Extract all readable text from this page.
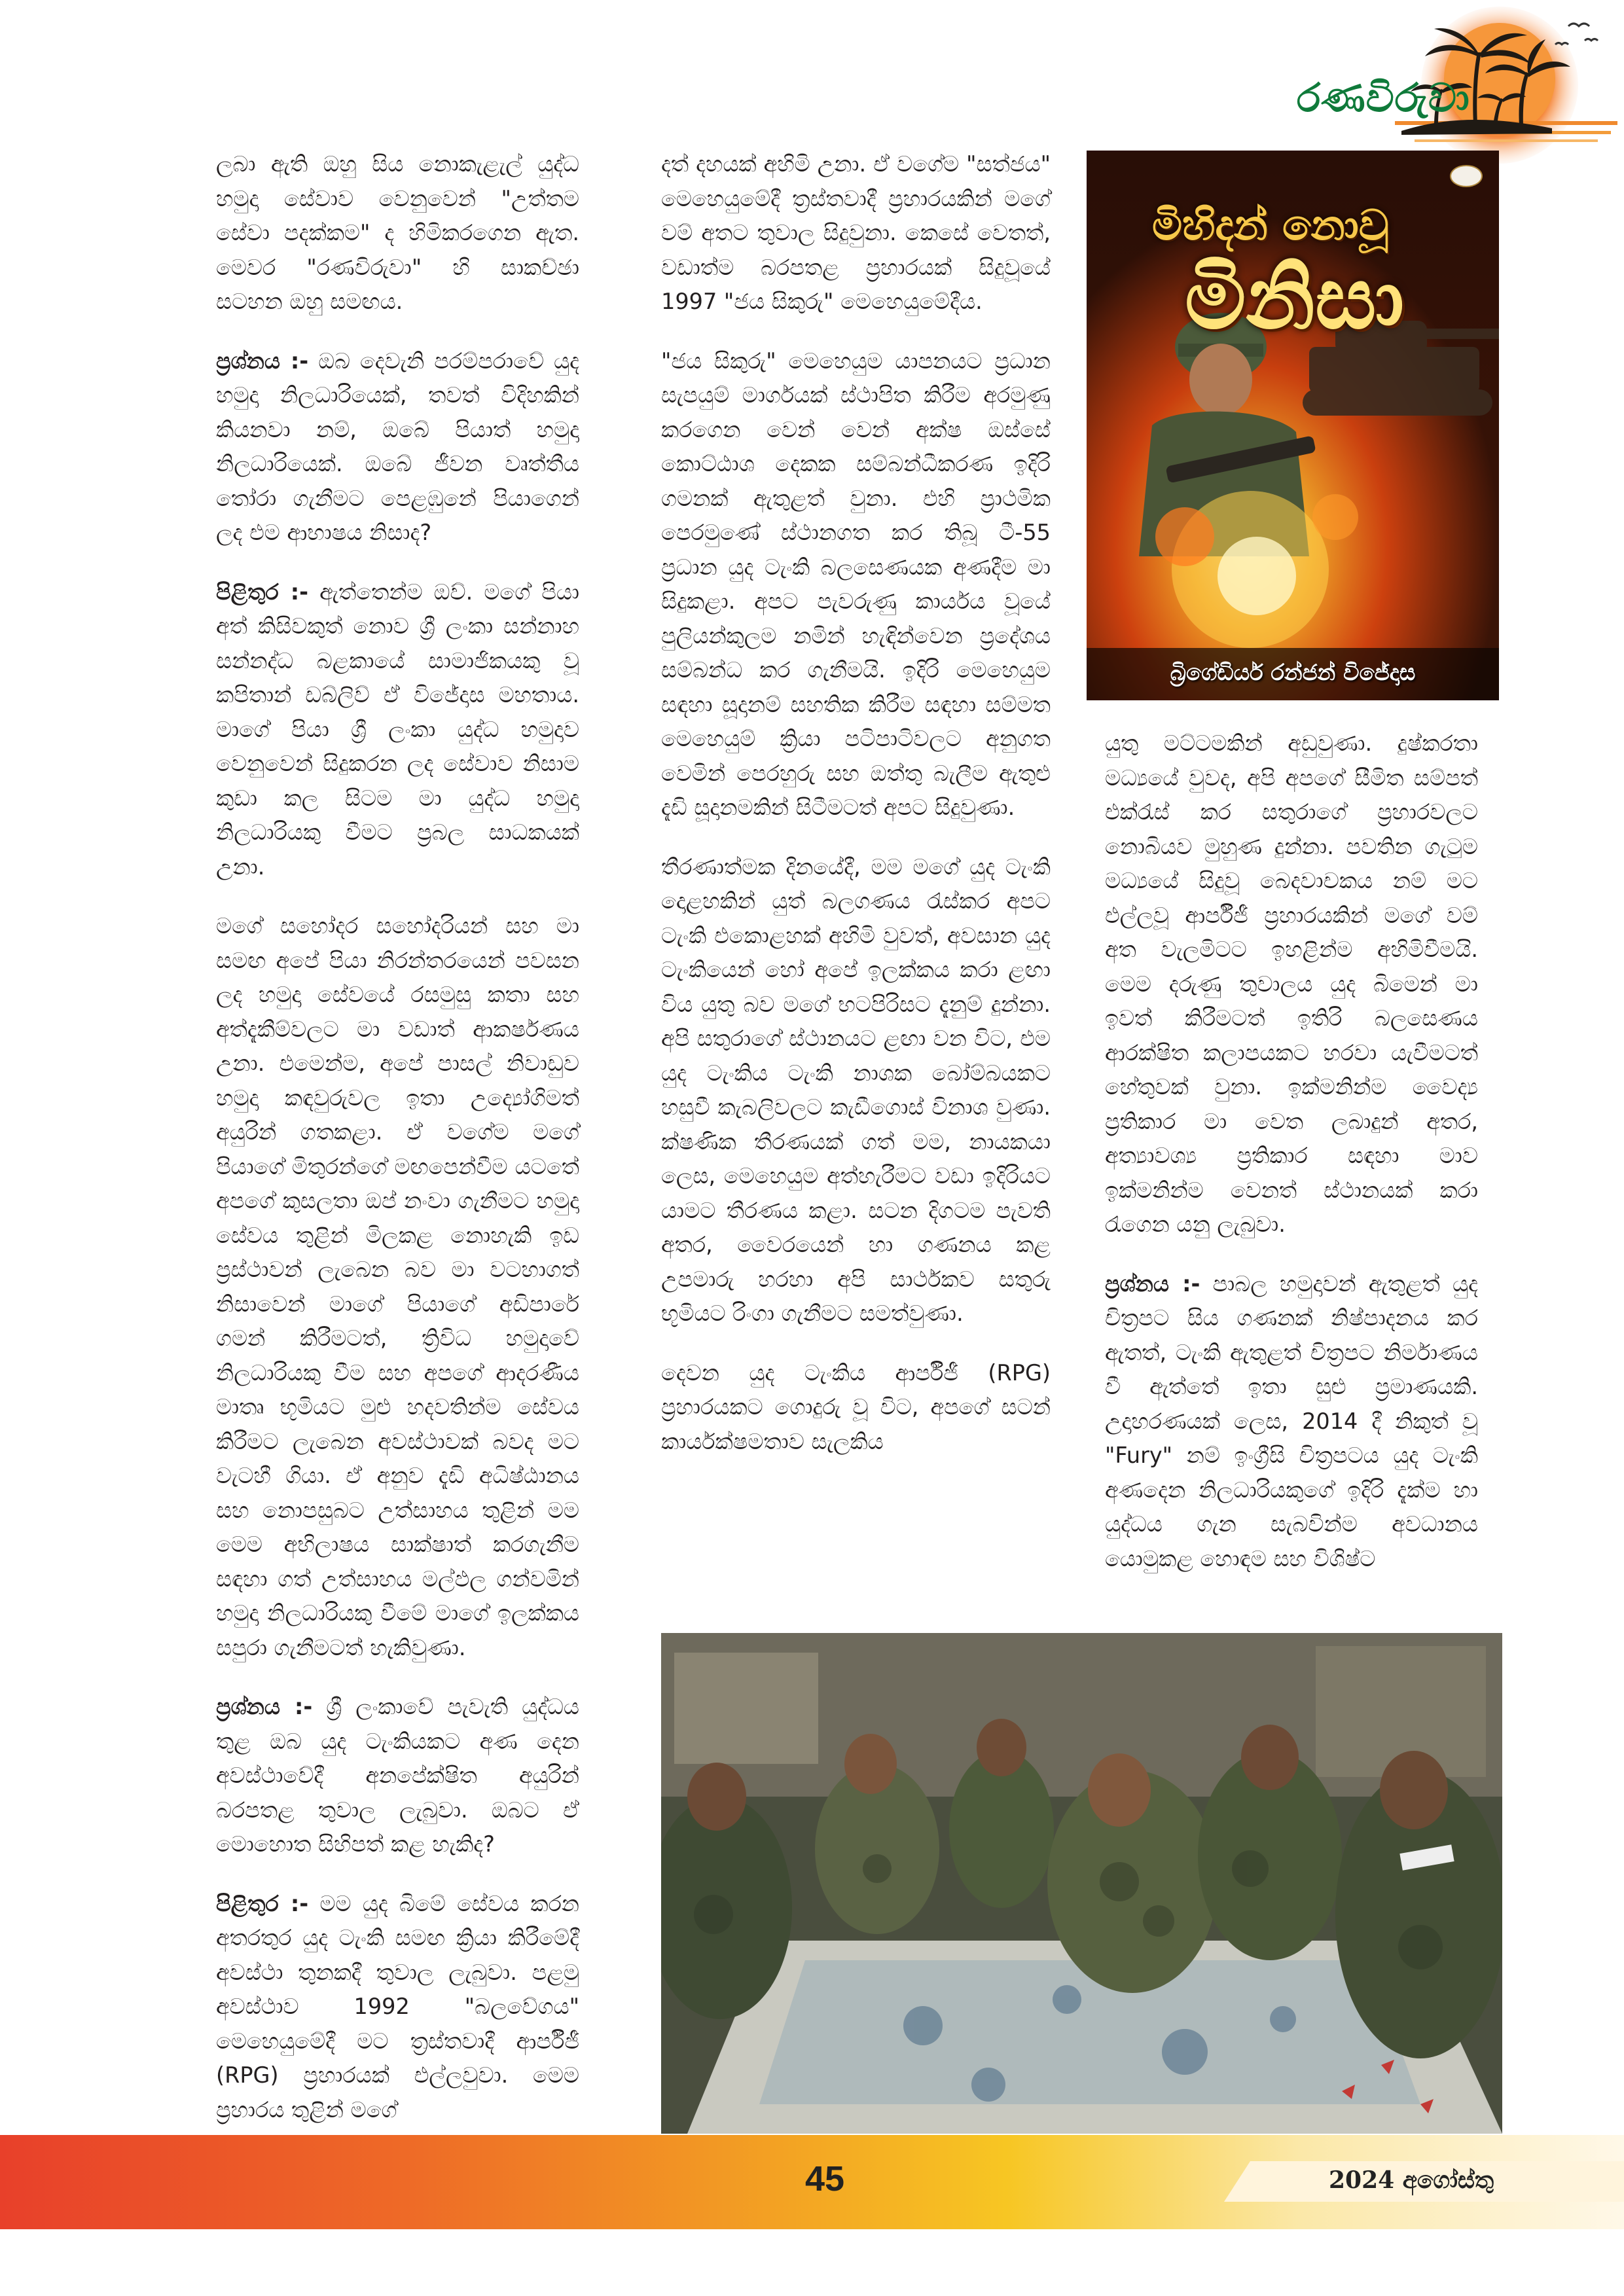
රණවිරුවා

ලබා ඇති ඔහු සිය නොකැළැල් යුද්ධ හමුදා සේවාව වෙනුවෙන් "උත්තම සේවා පදක්කම" ද හිමිකරගෙන ඇත. මෙවර "රණවිරුවා" හි සාකච්ඡා සටහන ඔහු සමඟය.

ප්‍රශ්නය :- ඔබ දෙවැනි පරම්පරාවේ යුද හමුදා නිලධාරියෙක්, තවත් විදිහකින් කියනවා නම්, ඔබේ පියාත් හමුදා නිලධාරියෙක්. ඔබේ ජීවන වෘත්තීය තෝරා ගැනීමට පෙළඹුනේ පියාගෙන් ලද එම ආභාෂය නිසාද?

පිළිතුර :- ඇත්තෙන්ම ඔව්. මගේ පියා අත් කිසිවකුත් නොව ශ්‍රී ලංකා සන්නාහ සන්නද්ධ බළකායේ සාමාජිකයකු වූ කපිතාන් ඩබ්ලිව් ඒ විජේදාස මහතාය. මාගේ පියා ශ්‍රී ලංකා යුද්ධ හමුදාව වෙනුවෙන් සිදුකරන ලද සේවාව නිසාම කුඩා කල සිටම මා යුද්ධ හමුදා නිලධාරියකු වීමට ප්‍රබල සාධකයක් උනා.

මගේ සහෝදර සහෝදරියන් සහ මා සමඟ අපේ පියා නිරන්තරයෙන් පවසන ලද හමුදා සේවයේ රසමුසු කතා සහ අත්දැකීම්වලට මා වඩාත් ආකර්ෂණය උනා. එමෙන්ම, අපේ පාසල් නිවාඩුව හමුදා කඳවුරුවල ඉතා උද්‍යෝගිමත් අයුරින් ගතකළා. ඒ වගේම මගේ පියාගේ මිතුරන්ගේ මඟපෙන්වීම යටතේ අපගේ කුසලතා ඔප් නංවා ගැනීමට හමුදා සේවය තුළින් මිලකළ නොහැකි ඉඩ ප්‍රස්ථාවන් ලැබෙන බව මා වටහාගත් නිසාවෙන් මාගේ පියාගේ අඩිපාරේ ගමන් කිරීමටත්, ත්‍රිවිධ හමුදාවේ නිලධාරියකු වීම සහ අපගේ ආදරණීය මාතෘ භූමියට මුළු හදවතින්ම සේවය කිරීමට ලැබෙන අවස්ථාවක් බවද මට වැටහී ගියා. ඒ අනුව දැඩි අධිෂ්ඨානය සහ නොපසුබට උත්සාහය තුළින් මම මෙම අභිලාෂය සාක්ෂාත් කරගැනීම සඳහා ගත් උත්සාහය මල්ඵල ගන්වමින් හමුදා නිලධාරියකු වීමේ මාගේ ඉලක්කය සපුරා ගැනීමටත් හැකිවුණා.

ප්‍රශ්නය :- ශ්‍රී ලංකාවේ පැවැති යුද්ධය තුළ ඔබ යුද ටැංකියකට අණ දෙන අවස්ථාවේදී අනපේක්ෂිත අයුරින් බරපතළ තුවාල ලැබුවා. ඔබට ඒ මොහොත සිහිපත් කළ හැකිද?

පිළිතුර :- මම යුද බිමේ සේවය කරන අතරතුර යුද ටැංකි සමඟ ක්‍රියා කිරීමේදී අවස්ථා තුනකදී තුවාල ලැබුවා. පළමු අවස්ථාව 1992 "බලවේගය" මෙහෙයුමේදී මට ත්‍රස්තවාදී ආර්පීජී (RPG) ප්‍රහාරයක් එල්ලවුවා. මෙම ප්‍රහාරය තුළින් මගේ

දත් දහයක් අහිමි උනා. ඒ වගේම "සත්ජය" මෙහෙයුමේදී ත්‍රස්තවාදී ප්‍රහාරයකින් මගේ වම් අතට තුවාල සිදුවුනා. කෙසේ වෙතත්, වඩාත්ම බරපතළ ප්‍රහාරයක් සිදුවූයේ 1997 "ජය සිකුරු" මෙහෙයුමේදීය.

"ජය සිකුරු" මෙහෙයුම යාපනයට ප්‍රධාන සැපයුම් මාර්ගයක් ස්ථාපිත කිරීම අරමුණු කරගෙන වෙන් වෙන් අක්ෂ ඔස්සේ කොට්ඨාශ දෙකක සම්බන්ධීකරණ ඉදිරි ගමනක් ඇතුළත් වුනා. එහි ප්‍රාථමික පෙරමුණේ ස්ථානගත කර තිබූ ටී-55 ප්‍රධාන යුද ටැංකි බලසෙණයක අණදීම මා සිදුකළා. අපට පැවරුණු කාර්යය වූයේ පුලියන්කුලම නමින් හැඳින්වෙන ප්‍රදේශය සම්බන්ධ කර ගැනීමයි. ඉදිරි මෙහෙයුම සඳහා සූදානම් සහතික කිරීම සඳහා සම්මත මෙහෙයුම් ක්‍රියා පටිපාටිවලට අනුගත වෙමින් පෙරහුරු සහ ඔත්තු බැලීම ඇතුළු දැඩි සූදානමකින් සිටීමටත් අපට සිදුවුණා.

තීරණාත්මක දිනයේදී, මම මගේ යුද ටැංකි දොළහකින් යුත් බලගණය රැස්කර අපට ටැංකි එකොළහක් අහිමි වුවත්, අවසාන යුද ටැංකියෙන් හෝ අපේ ඉලක්කය කරා ළඟා විය යුතු බව මගේ භටපිරිසට දැනුම් දුන්නා. අපි සතුරාගේ ස්ථානයට ළඟා වන විට, එම යුද ටැංකිය ටැංකි නාශක බෝම්බයකට හසුවී කැබලිවලට කැඩීගොස් විනාශ වුණා. ක්ෂණික තීරණයක් ගත් මම, නායකයා ලෙස, මෙහෙයුම අත්හැරීමට වඩා ඉදිරියට යාමට තීරණය කළා. සටන දිගටම පැවති අතර, වෛරයෙන් හා ගණනය කළ උපමාරු හරහා අපි සාර්ථකව සතුරු භූමියට රිංගා ගැනීමට සමත්වුණා.

දෙවන යුද ටැංකිය ආර්පීජී (RPG) ප්‍රහාරයකට ගොදුරු වූ විට, අපගේ සටන් කාර්යක්ෂමතාව සැලකිය

යුතු මට්ටමකින් අඩුවුණා. දුෂ්කරතා මධ්‍යයේ වුවද, අපි අපගේ සීමිත සම්පත් එක්රැස් කර සතුරාගේ ප්‍රහාරවලට නොබියව මුහුණ දුන්නා. පවතින ගැටුම මධ්‍යයේ සිදුවූ බෙදවාචකය නම් මට එල්ලවූ ආර්පීජී ප්‍රහාරයකින් මගේ වම් අත වැලමිටට ඉහළින්ම අහිමිවීමයි. මෙම දරුණු තුවාලය යුද බිමෙන් මා ඉවත් කිරීමටත් ඉතිරි බලසෙණය ආරක්ෂිත කලාපයකට හරවා යැවීමටත් හේතුවක් වුනා. ඉක්මනින්ම වෛද්‍ය ප්‍රතිකාර මා වෙත ලබාදුන් අතර, අත්‍යාවශ්‍ය ප්‍රතිකාර සඳහා මාව ඉක්මනින්ම වෙනත් ස්ථානයක් කරා රැගෙන යනු ලැබුවා.

ප්‍රශ්නය :- පාබල හමුදාවන් ඇතුළත් යුද චිත්‍රපට සිය ගණනක් නිෂ්පාදනය කර ඇතත්, ටැංකි ඇතුළත් චිත්‍රපට නිර්මාණය වී ඇත්තේ ඉතා සුළු ප්‍රමාණයකි. උදාහරණයක් ලෙස, 2014 දී නිකුත් වූ "Fury" නම් ඉංග්‍රීසි චිත්‍රපටය යුද ටැංකි අණදෙන නිලධාරියකුගේ ඉදිරි දැක්ම හා යුද්ධය ගැන සැබවින්ම අවධානය යොමුකළ හොඳම සහ විශිෂ්ට

මිහිදන් නොවූ
මිනිසා
බ්‍රිගේඩියර් රන්ජන් විජේදාස
45	2024 අගෝස්තු
